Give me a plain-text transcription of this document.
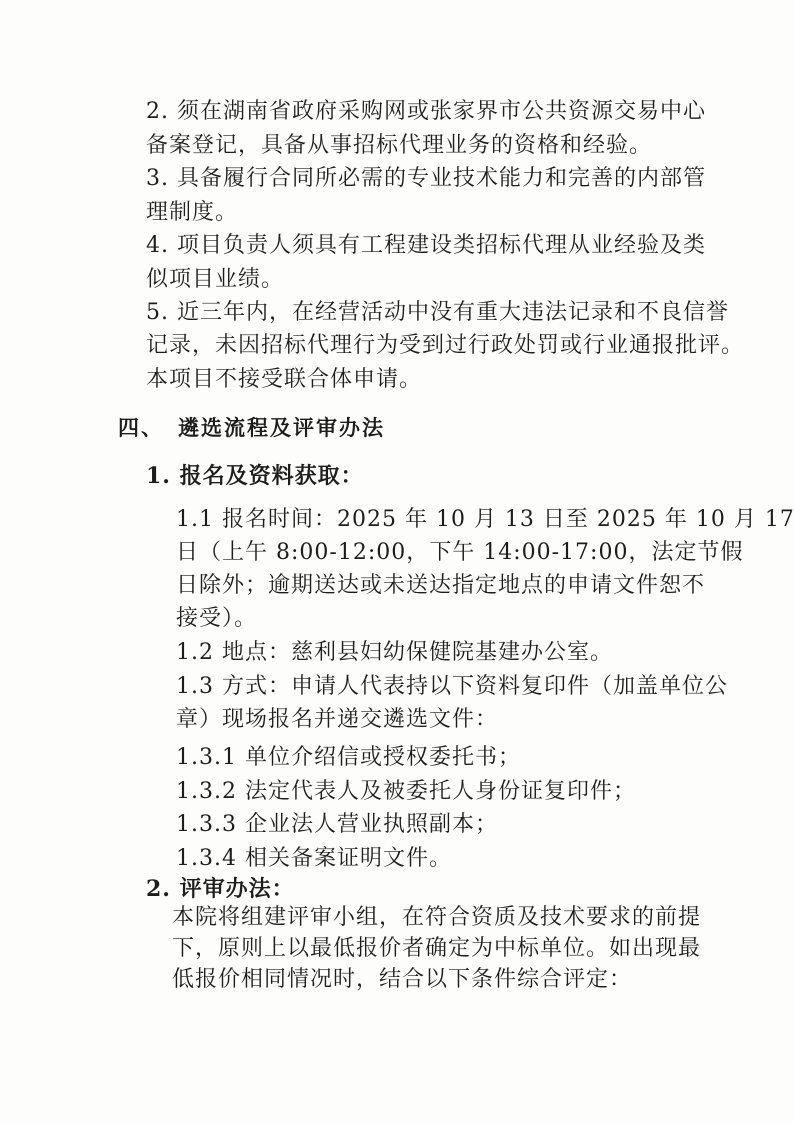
2. 须在湖南省政府采购网或张家界市公共资源交易中心
备案登记，具备从事招标代理业务的资格和经验。
3. 具备履行合同所必需的专业技术能力和完善的内部管
理制度。
4. 项目负责人须具有工程建设类招标代理从业经验及类
似项目业绩。
5. 近三年内，在经营活动中没有重大违法记录和不良信誉
记录，未因招标代理行为受到过行政处罚或行业通报批评。
本项目不接受联合体申请。
四、 遴选流程及评审办法
1. 报名及资料获取：
1.1 报名时间：2025 年 10 月 13 日至 2025 年 10 月 17
日（上午 8:00-12:00，下午 14:00-17:00，法定节假
日除外；逾期送达或未送达指定地点的申请文件恕不
接受）。
1.2 地点：慈利县妇幼保健院基建办公室。
1.3 方式：申请人代表持以下资料复印件（加盖单位公
章）现场报名并递交遴选文件：
1.3.1 单位介绍信或授权委托书；
1.3.2 法定代表人及被委托人身份证复印件；
1.3.3 企业法人营业执照副本；
1.3.4 相关备案证明文件。
2. 评审办法：
本院将组建评审小组，在符合资质及技术要求的前提
下，原则上以最低报价者确定为中标单位。如出现最
低报价相同情况时，结合以下条件综合评定：
